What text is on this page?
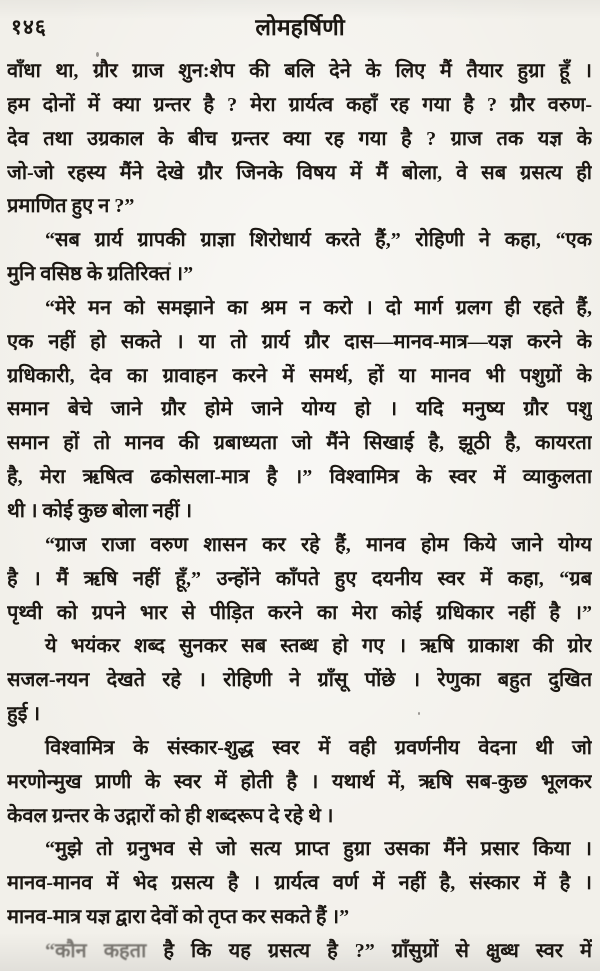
१४६	लोमहर्षिणी
वाँधा था, ग्रौर ग्राज शुन:शेप की बलि देने के लिए मैं तैयार हुग्रा हूँ ।
हम दोनों में क्या ग्रन्तर है ? मेरा ग्रार्यत्व कहाँ रह गया है ? ग्रौर वरुण-
देव तथा उग्रकाल के बीच ग्रन्तर क्या रह गया है ? ग्राज तक यज्ञ के
जो-जो रहस्य मैंने देखे ग्रौर जिनके विषय में मैं बोला, वे सब ग्रसत्य ही
प्रमाणित हुए न ?”
“सब ग्रार्य ग्रापकी ग्राज्ञा शिरोधार्य करते हैं,” रोहिणी ने कहा, “एक
मुनि वसिष्ठ के ग्रतिरिक्त ।”
“मेरे मन को समझाने का श्रम न करो । दो मार्ग ग्रलग ही रहते हैं,
एक नहीं हो सकते । या तो ग्रार्य ग्रौर दास—मानव-मात्र—यज्ञ करने के
ग्रधिकारी, देव का ग्रावाहन करने में समर्थ, हों या मानव भी पशुग्रों के
समान बेचे जाने ग्रौर होमे जाने योग्य हो । यदि मनुष्य ग्रौर पशु
समान हों तो मानव की ग्रबाध्यता जो मैंने सिखाई है, झूठी है, कायरता
है, मेरा ऋषित्व ढकोसला-मात्र है ।” विश्वामित्र के स्वर में व्याकुलता
थी । कोई कुछ बोला नहीं ।
“ग्राज राजा वरुण शासन कर रहे हैं, मानव होम किये जाने योग्य
है । मैं ऋषि नहीं हूँ,” उन्होंने काँपते हुए दयनीय स्वर में कहा, “ग्रब
पृथ्वी को ग्रपने भार से पीड़ित करने का मेरा कोई ग्रधिकार नहीं है ।”
ये भयंकर शब्द सुनकर सब स्तब्ध हो गए । ऋषि ग्राकाश की ग्रोर
सजल-नयन देखते रहे । रोहिणी ने ग्राँसू पोंछे । रेणुका बहुत दुखित
हुई ।
विश्वामित्र के संस्कार-शुद्ध स्वर में वही ग्रवर्णनीय वेदना थी जो
मरणोन्मुख प्राणी के स्वर में होती है । यथार्थ में, ऋषि सब-कुछ भूलकर
केवल ग्रन्तर के उद्गारों को ही शब्दरूप दे रहे थे ।
“मुझे तो ग्रनुभव से जो सत्य प्राप्त हुग्रा उसका मैंने प्रसार किया ।
मानव-मानव में भेद ग्रसत्य है । ग्रार्यत्व वर्ण में नहीं है, संस्कार में है ।
मानव-मात्र यज्ञ द्वारा देवों को तृप्त कर सकते हैं ।”
“कौन कहता है कि यह ग्रसत्य है ?” ग्राँसुग्रों से क्षुब्ध स्वर में
